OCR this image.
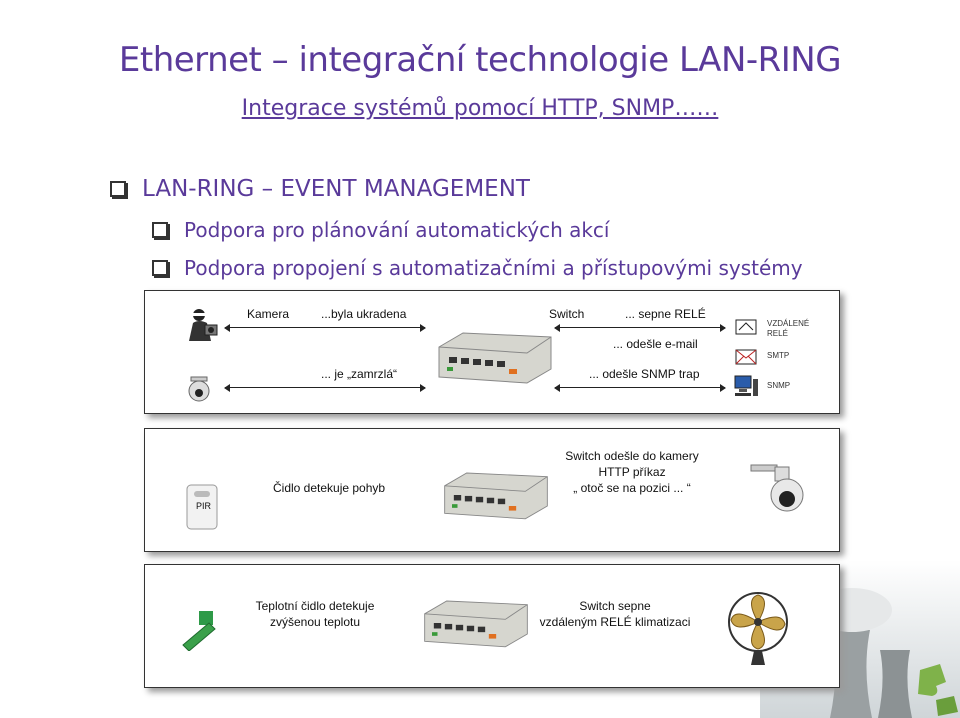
Ethernet – integrační technologie LAN-RING
Integrace systémů pomocí HTTP, SNMP……
LAN-RING – EVENT MANAGEMENT
Podpora pro plánování automatických akcí
Podpora propojení s automatizačními a přístupovými systémy
Kamera	...byla ukradena
... je „zamrzlá“
Switch	... sepne RELÉ
... odešle e-mail
... odešle SNMP trap
VZDÁLENÉ
RELÉ
SMTP
SNMP
PIR
Čidlo detekuje pohyb
Switch odešle do kamery
HTTP příkaz
„ otoč se na pozici ... “
Teplotní čidlo detekuje
zvýšenou teplotu
Switch sepne
vzdáleným RELÉ klimatizaci
